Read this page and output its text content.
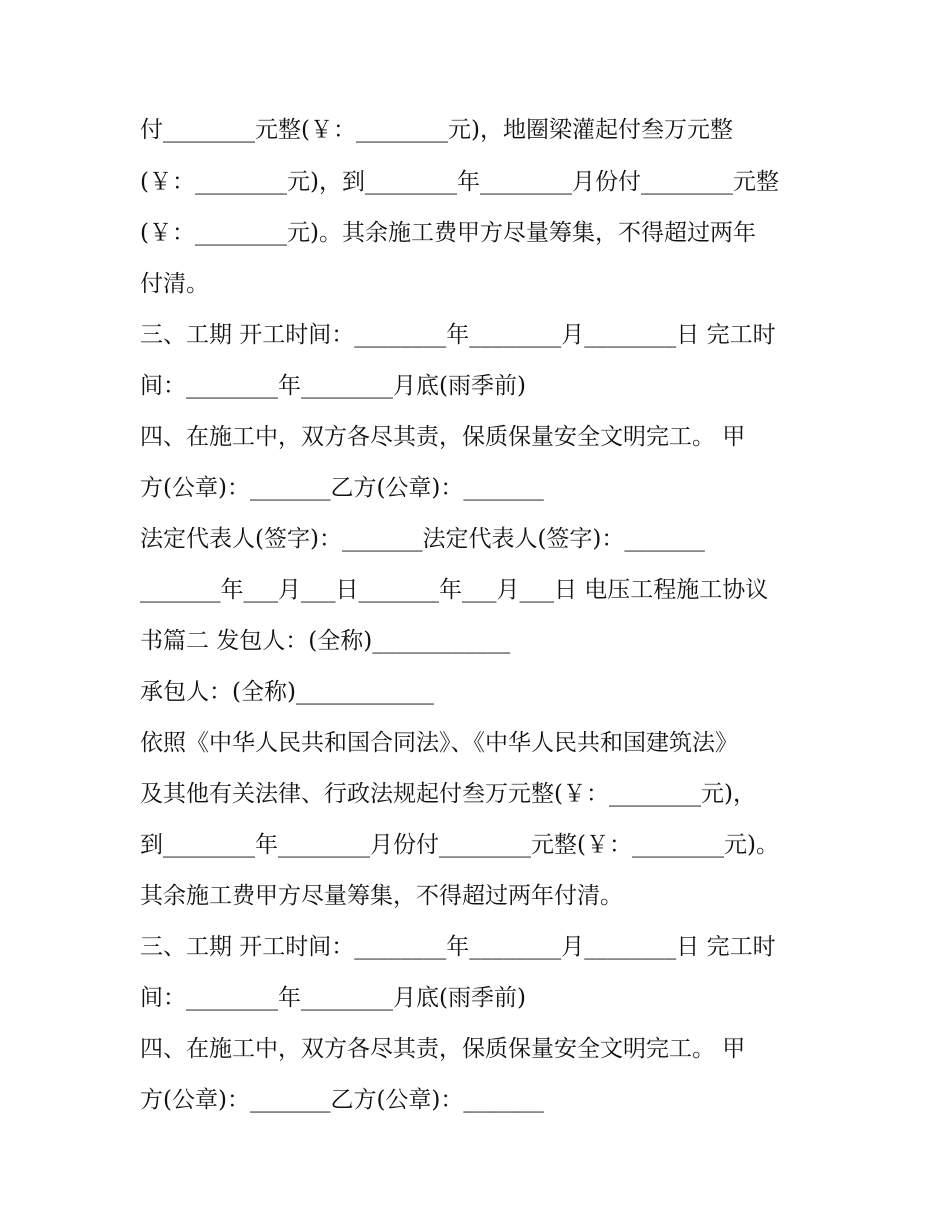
付________元整(￥：________元)，地圈梁灌起付叁万元整
(￥：________元)，到________年________月份付________元整
(￥：________元)。其余施工费甲方尽量筹集，不得超过两年
付清。
三、工期 开工时间：________年________月________日 完工时
间：________年________月底(雨季前)
四、在施工中，双方各尽其责，保质保量安全文明完工。 甲
方(公章)：_______乙方(公章)：_______
法定代表人(签字)：_______法定代表人(签字)：_______
_______年___月___日_______年___月___日 电压工程施工协议
书篇二 发包人：(全称)____________
承包人：(全称)____________
依照《中华人民共和国合同法》、《中华人民共和国建筑法》
及其他有关法律、行政法规起付叁万元整(￥：________元)，
到________年________月份付________元整(￥：________元)。
其余施工费甲方尽量筹集，不得超过两年付清。
三、工期 开工时间：________年________月________日 完工时
间：________年________月底(雨季前)
四、在施工中，双方各尽其责，保质保量安全文明完工。 甲
方(公章)：_______乙方(公章)：_______
